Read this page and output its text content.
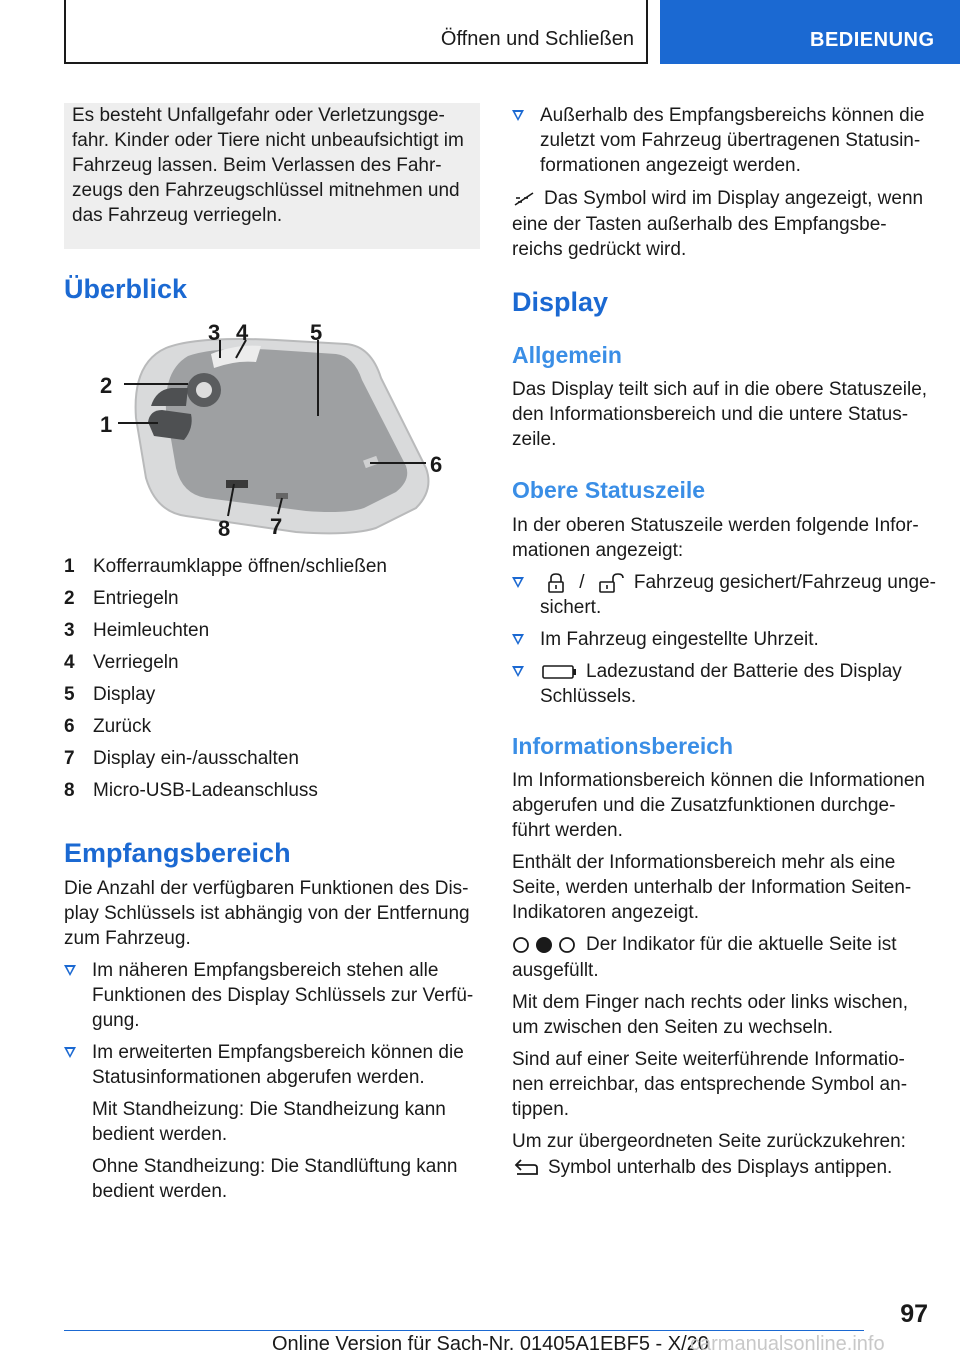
Öffnen und Schließen	BEDIENUNG
Es besteht Unfallgefahr oder Verletzungsge-
fahr. Kinder oder Tiere nicht unbeaufsichtigt im
Fahrzeug lassen. Beim Verlassen des Fahr-
zeugs den Fahrzeugschlüssel mitnehmen und
das Fahrzeug verriegeln.
Überblick
3 4	5
2
1
6
8 7
1 Kofferraumklappe öffnen/schließen
2 Entriegeln
3 Heimleuchten
4 Verriegeln
5 Display
6 Zurück
7 Display ein-/ausschalten
8 Micro-USB-Ladeanschluss
Empfangsbereich
Die Anzahl der verfügbaren Funktionen des Dis-
play Schlüssels ist abhängig von der Entfernung
zum Fahrzeug.
Im näheren Empfangsbereich stehen alle
Funktionen des Display Schlüssels zur Verfü-
gung.
Im erweiterten Empfangsbereich können die
Statusinformationen abgerufen werden.
Mit Standheizung: Die Standheizung kann
bedient werden.
Ohne Standheizung: Die Standlüftung kann
bedient werden.
Außerhalb des Empfangsbereichs können die
zuletzt vom Fahrzeug übertragenen Statusin-
formationen angezeigt werden.
Das Symbol wird im Display angezeigt, wenn
eine der Tasten außerhalb des Empfangsbe-
reichs gedrückt wird.
Display
Allgemein
Das Display teilt sich auf in die obere Statuszeile,
den Informationsbereich und die untere Status-
zeile.
Obere Statuszeile
In der oberen Statuszeile werden folgende Infor-
mationen angezeigt:
/	Fahrzeug gesichert/Fahrzeug unge-
sichert.
Im Fahrzeug eingestellte Uhrzeit.
Ladezustand der Batterie des Display
Schlüssels.
Informationsbereich
Im Informationsbereich können die Informationen
abgerufen und die Zusatzfunktionen durchge-
führt werden.
Enthält der Informationsbereich mehr als eine
Seite, werden unterhalb der Information Seiten-
Indikatoren angezeigt.
Der Indikator für die aktuelle Seite ist
ausgefüllt.
Mit dem Finger nach rechts oder links wischen,
um zwischen den Seiten zu wechseln.
Sind auf einer Seite weiterführende Informatio-
nen erreichbar, das entsprechende Symbol an-
tippen.
Um zur übergeordneten Seite zurückzukehren:
Symbol unterhalb des Displays antippen.
97
Online Version für Sach-Nr. 01405A1EBF5 - X/20
carmanualsonline.info
